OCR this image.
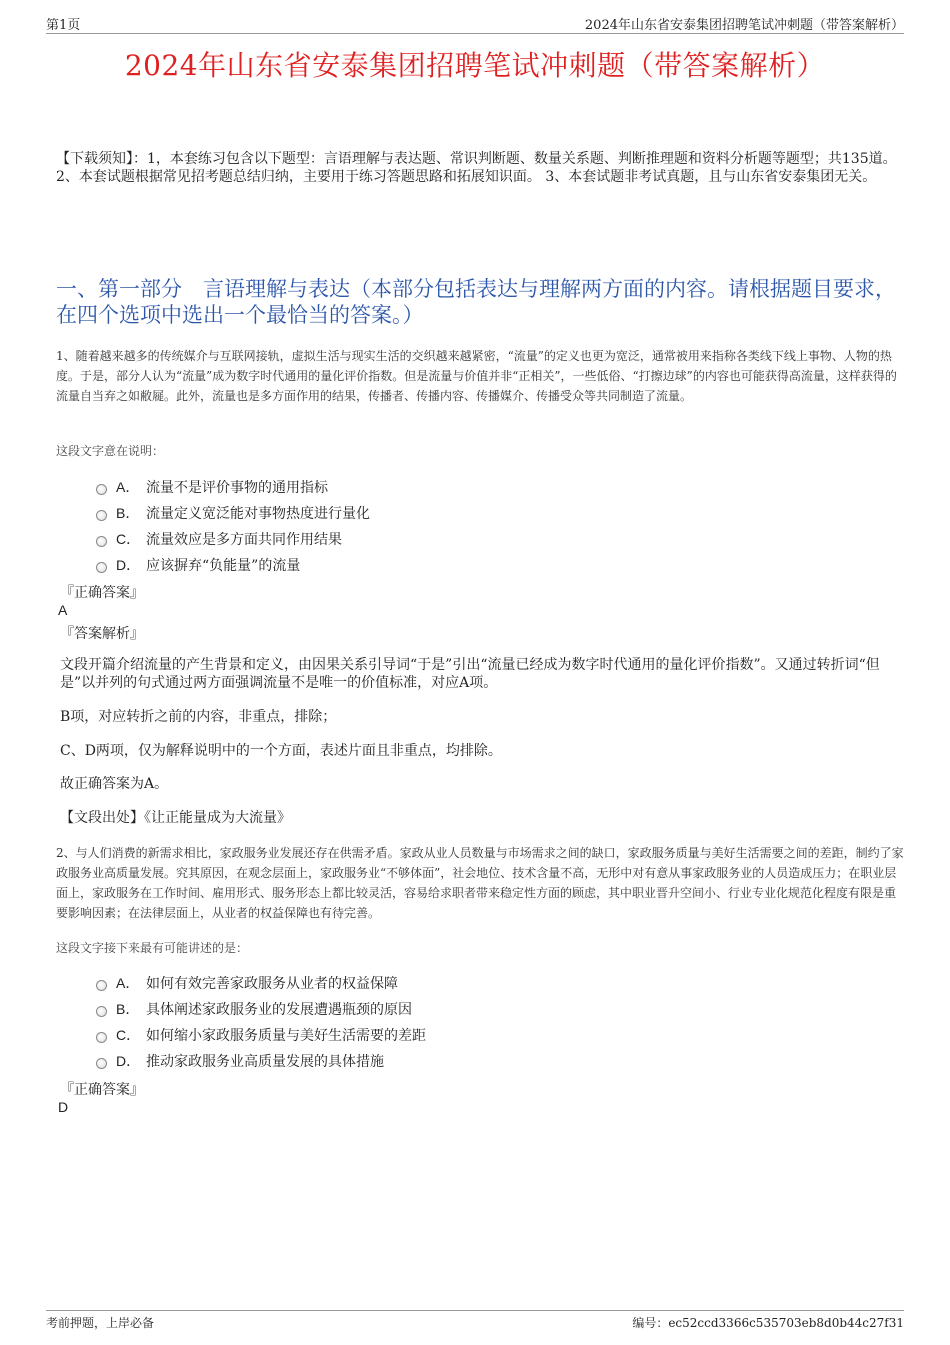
第1页	2024年山东省安泰集团招聘笔试冲刺题（带答案解析）
2024年山东省安泰集团招聘笔试冲刺题（带答案解析）
【下载须知】：1，本套练习包含以下题型：言语理解与表达题、常识判断题、数量关系题、判断推理题和资料分析题等题型；共135道。 2、本套试题根据常见招考题总结归纳，主要用于练习答题思路和拓展知识面。 3、本套试题非考试真题，且与山东省安泰集团无关。
一、第一部分　言语理解与表达（本部分包括表达与理解两方面的内容。请根据题目要求，在四个选项中选出一个最恰当的答案。）
1、随着越来越多的传统媒介与互联网接轨，虚拟生活与现实生活的交织越来越紧密，“流量”的定义也更为宽泛，通常被用来指称各类线下线上事物、人物的热度。于是，部分人认为“流量”成为数字时代通用的量化评价指数。但是流量与价值并非“正相关”，一些低俗、“打擦边球”的内容也可能获得高流量，这样获得的流量自当弃之如敝屣。此外，流量也是多方面作用的结果，传播者、传播内容、传播媒介、传播受众等共同制造了流量。
这段文字意在说明：
A． 流量不是评价事物的通用指标
B． 流量定义宽泛能对事物热度进行量化
C． 流量效应是多方面共同作用结果
D． 应该摒弃“负能量”的流量
『正确答案』
A
『答案解析』
文段开篇介绍流量的产生背景和定义，由因果关系引导词“于是”引出“流量已经成为数字时代通用的量化评价指数”。又通过转折词“但是”以并列的句式通过两方面强调流量不是唯一的价值标准，对应A项。
B项，对应转折之前的内容，非重点，排除；
C、D两项，仅为解释说明中的一个方面，表述片面且非重点，均排除。
故正确答案为A。
【文段出处】《让正能量成为大流量》
2、与人们消费的新需求相比，家政服务业发展还存在供需矛盾。家政从业人员数量与市场需求之间的缺口，家政服务质量与美好生活需要之间的差距，制约了家政服务业高质量发展。究其原因，在观念层面上，家政服务业“不够体面”，社会地位、技术含量不高，无形中对有意从事家政服务业的人员造成压力；在职业层面上，家政服务在工作时间、雇用形式、服务形态上都比较灵活，容易给求职者带来稳定性方面的顾虑，其中职业晋升空间小、行业专业化规范化程度有限是重要影响因素；在法律层面上，从业者的权益保障也有待完善。
这段文字接下来最有可能讲述的是：
A． 如何有效完善家政服务从业者的权益保障
B． 具体阐述家政服务业的发展遭遇瓶颈的原因
C． 如何缩小家政服务质量与美好生活需要的差距
D． 推动家政服务业高质量发展的具体措施
『正确答案』
D
考前押题，上岸必备	编号：ec52ccd3366c535703eb8d0b44c27f31
